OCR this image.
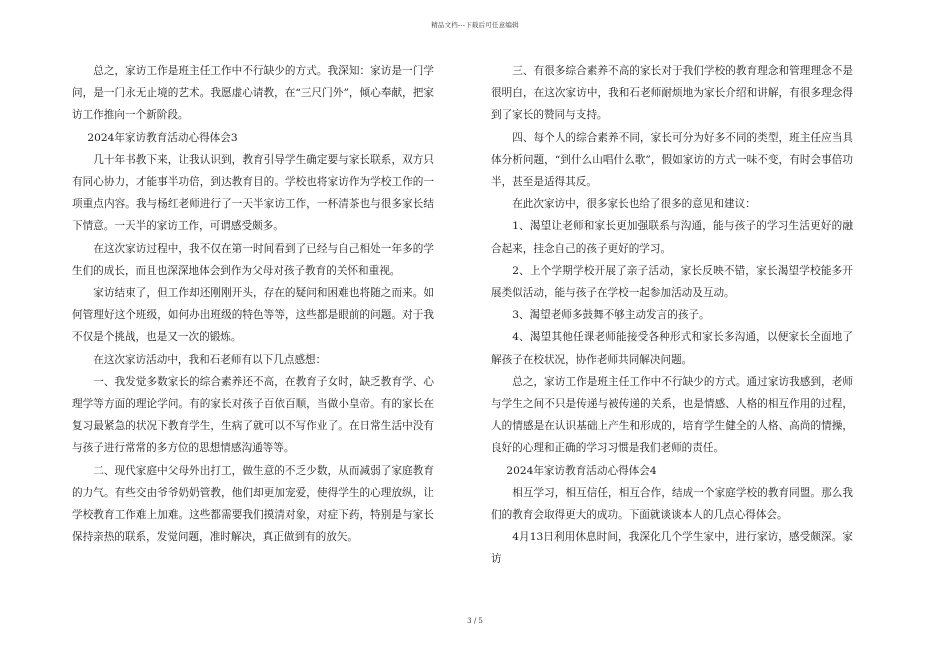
精品文档---下载后可任意编辑

总之，家访工作是班主任工作中不行缺少的方式。我深知：家访是一门学问，是一门永无止境的艺术。我愿虚心请教，在“三尺门外”，倾心奉献，把家访工作推向一个新阶段。

2024年家访教育活动心得体会3

几十年书教下来，让我认识到，教育引导学生确定要与家长联系，双方只有同心协力，才能事半功倍，到达教育目的。学校也将家访作为学校工作的一项重点内容。我与杨红老师进行了一天半家访工作，一杯清茶也与很多家长结下情意。一天半的家访工作，可谓感受颇多。

在这次家访过程中，我不仅在第一时间看到了已经与自己相处一年多的学生们的成长，而且也深深地体会到作为父母对孩子教育的关怀和重视。

家访结束了，但工作却还刚刚开头，存在的疑问和困难也将随之而来。如何管理好这个班级，如何办出班级的特色等等，这些都是眼前的问题。对于我不仅是个挑战，也是又一次的锻炼。

在这次家访活动中，我和石老师有以下几点感想：

一、我发觉多数家长的综合素养还不高，在教育子女时，缺乏教育学、心理学等方面的理论学问。有的家长对孩子百依百顺，当做小皇帝。有的家长在复习最紧急的状况下教育学生，生病了就可以不写作业了。在日常生活中没有与孩子进行常常的多方位的思想情感沟通等等。

二、现代家庭中父母外出打工，做生意的不乏少数，从而减弱了家庭教育的力气。有些交由爷爷奶奶管教，他们却更加宠爱，使得学生的心理放纵，让学校教育工作难上加难。这些都需要我们摸清对象，对症下药，特别是与家长保持亲热的联系，发觉问题，准时解决，真正做到有的放矢。

三、有很多综合素养不高的家长对于我们学校的教育理念和管理理念不是很明白，在这次家访中，我和石老师耐烦地为家长介绍和讲解，有很多理念得到了家长的赞同与支持。

四、每个人的综合素养不同，家长可分为好多不同的类型，班主任应当具体分析问题，“到什么山唱什么歌”，假如家访的方式一味不变，有时会事倍功半，甚至是适得其反。

在此次家访中，很多家长也给了很多的意见和建议：

1、渴望让老师和家长更加强联系与沟通，能与孩子的学习生活更好的融合起来，挂念自己的孩子更好的学习。

2、上个学期学校开展了亲子活动，家长反映不错，家长渴望学校能多开展类似活动，能与孩子在学校一起参加活动及互动。

3、渴望老师多鼓舞不够主动发言的孩子。

4、渴望其他任课老师能接受各种形式和家长多沟通，以便家长全面地了解孩子在校状况，协作老师共同解决问题。

总之，家访工作是班主任工作中不行缺少的方式。通过家访我感到，老师与学生之间不只是传递与被传递的关系，也是情感、人格的相互作用的过程，人的情感是在认识基础上产生和形成的，培育学生健全的人格、高尚的情操，良好的心理和正确的学习习惯是我们老师的责任。

2024年家访教育活动心得体会4

相互学习，相互信任，相互合作，结成一个家庭学校的教育同盟。那么我们的教育会取得更大的成功。下面就谈谈本人的几点心得体会。

4月13日利用休息时间，我深化几个学生家中，进行家访，感受颇深。家访

3 / 5
